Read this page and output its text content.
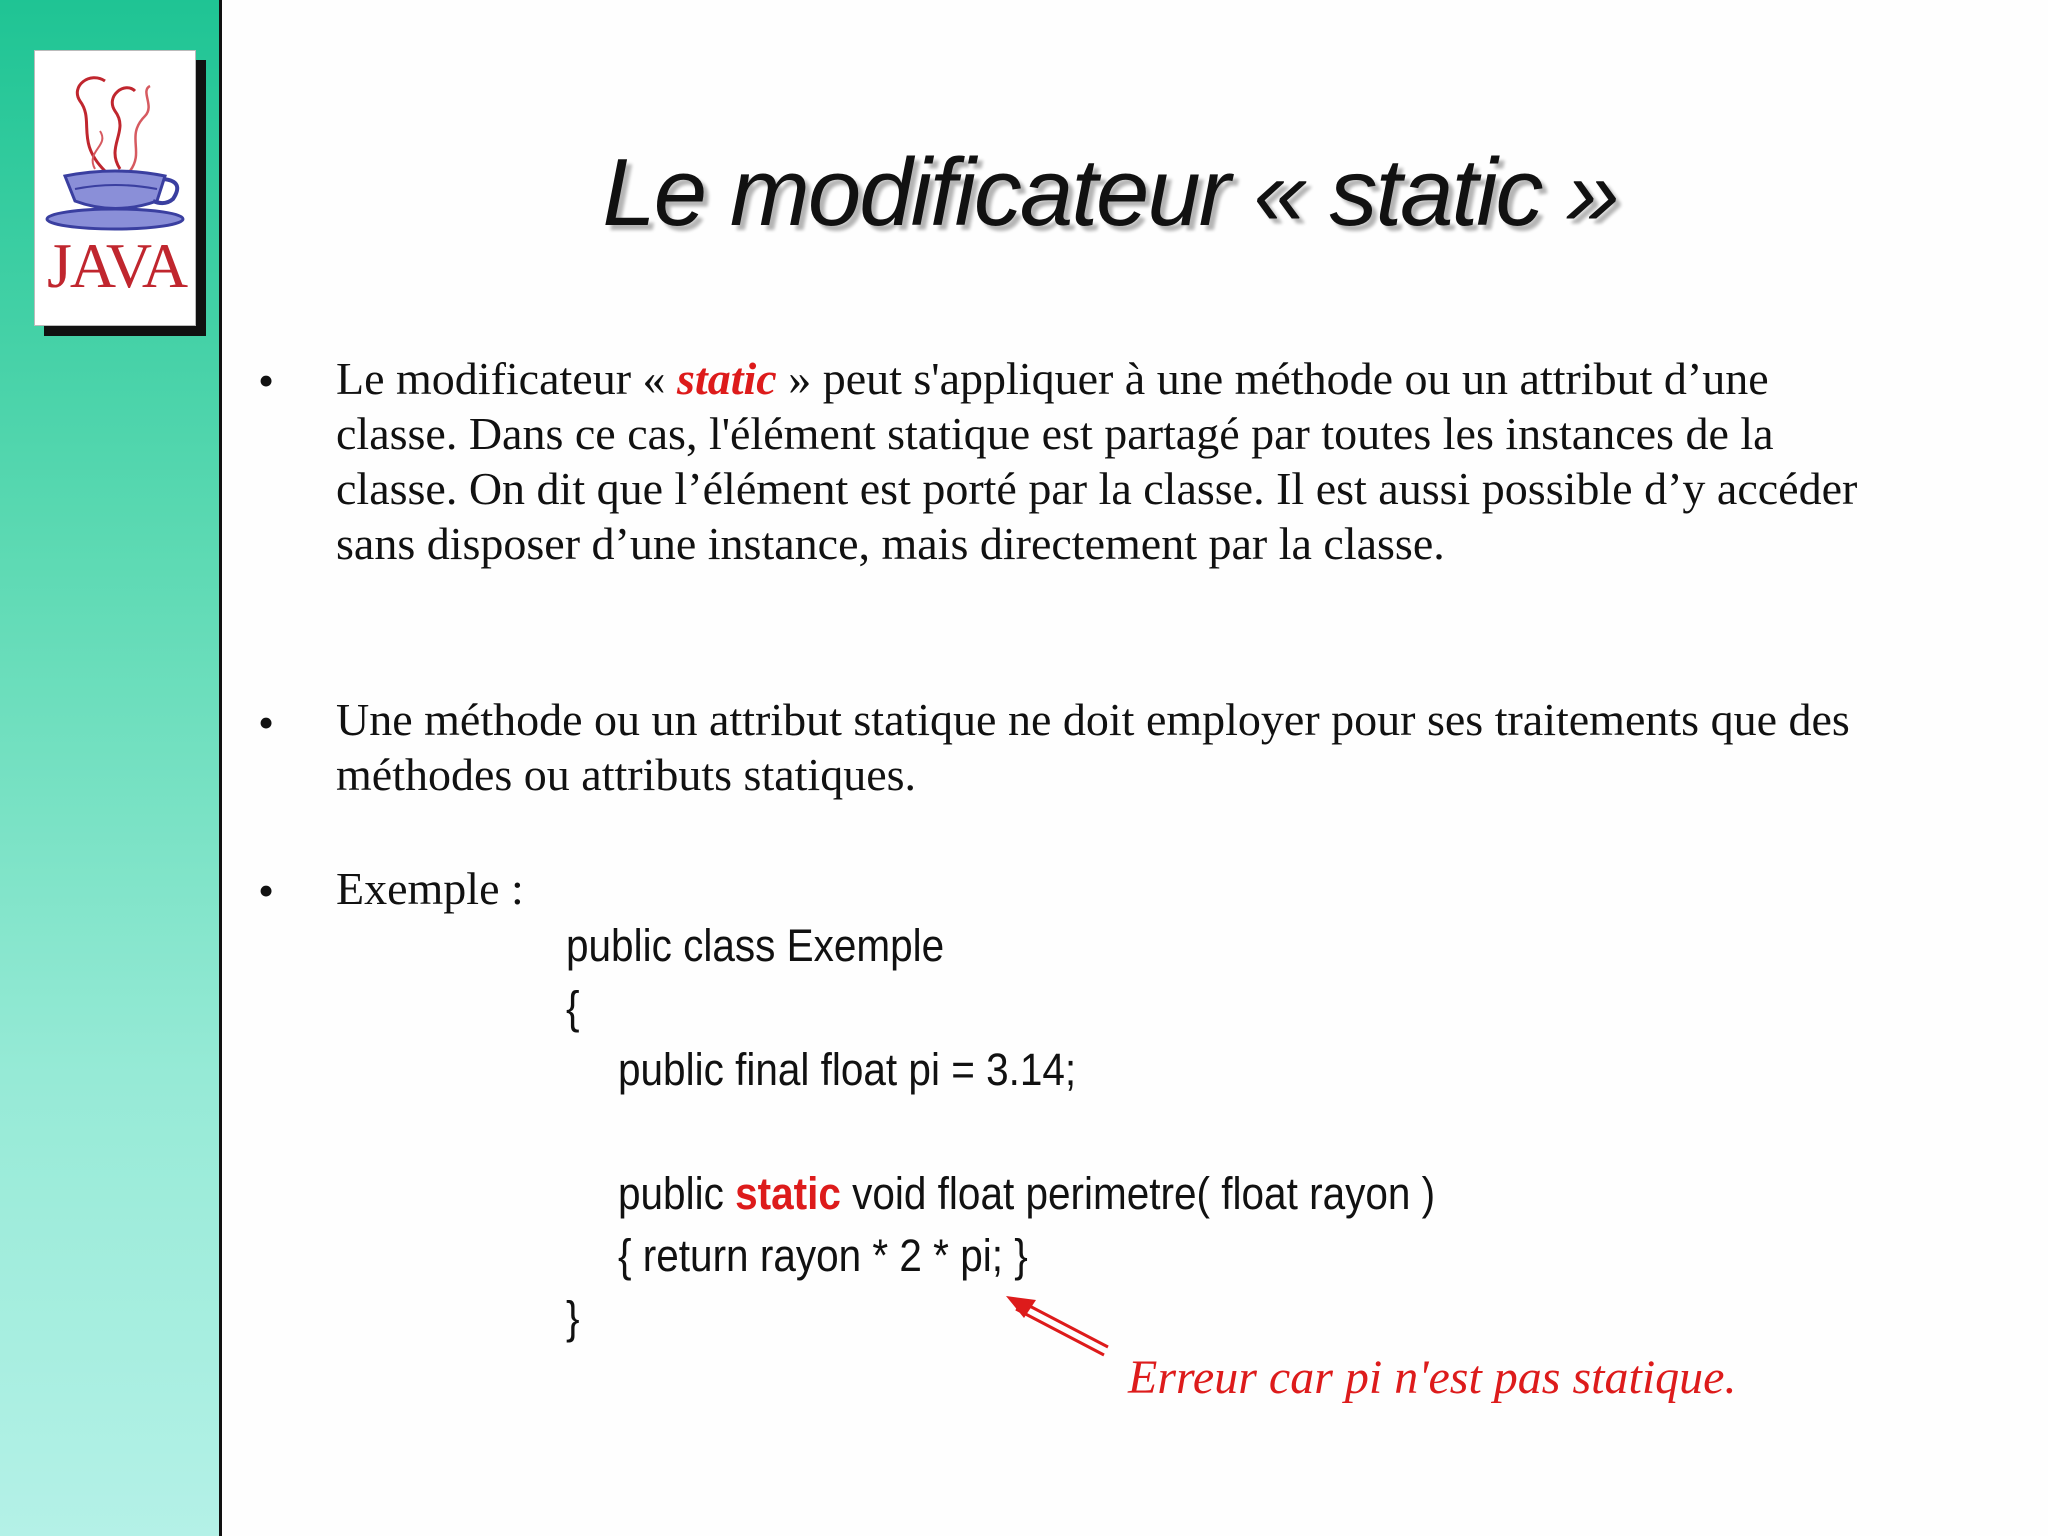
JAVA
Le modificateur « static »
• Le modificateur « static » peut s'appliquer à une méthode ou un attribut d’une classe. Dans ce cas, l'élément statique est partagé par toutes les instances de la classe. On dit que l’élément est porté par la classe. Il est aussi possible d’y accéder sans disposer d’une instance, mais directement par la classe.
• Une méthode ou un attribut statique ne doit employer pour ses traitements que des méthodes ou attributs statiques.
• Exemple :
public class Exemple
{
public final float pi = 3.14;
public static void float perimetre( float rayon )
{ return rayon * 2 * pi; }
}
Erreur car pi n'est pas statique.
